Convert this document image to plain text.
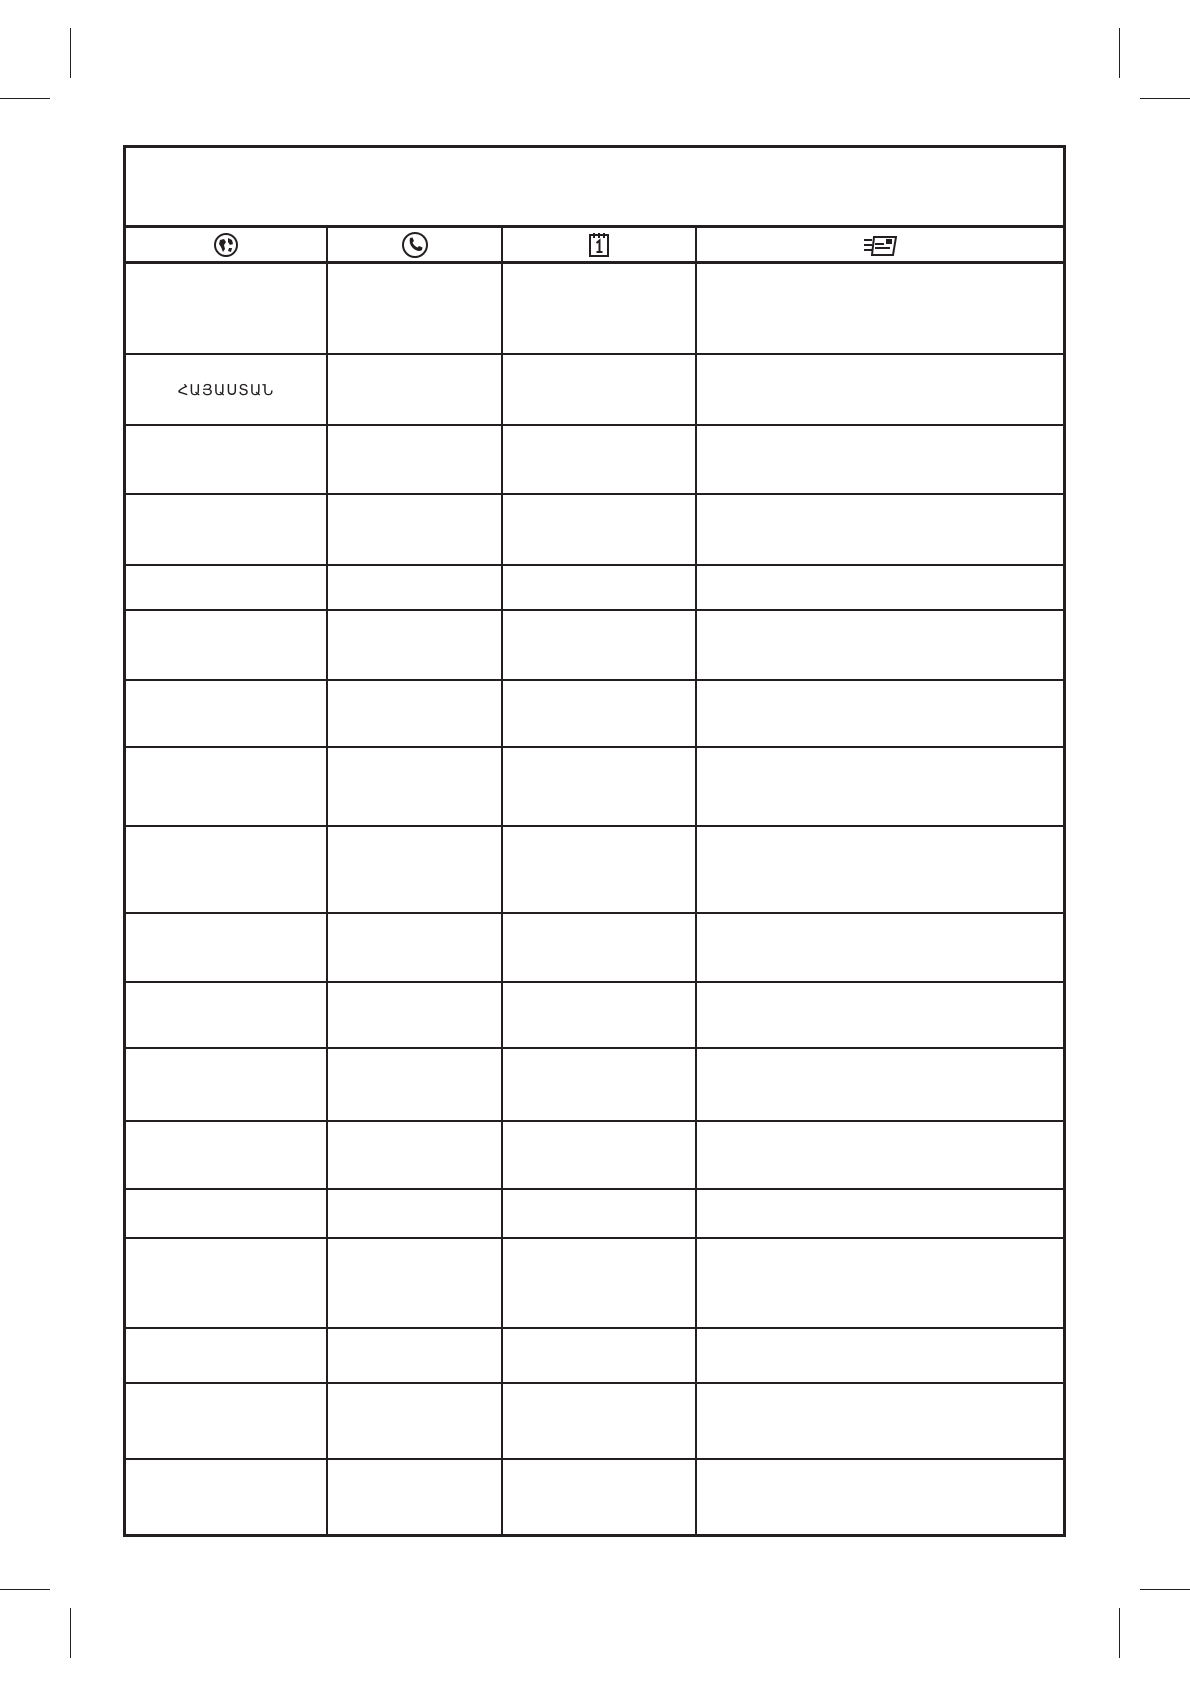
ՀԱՅԱՍՏԱՆ
